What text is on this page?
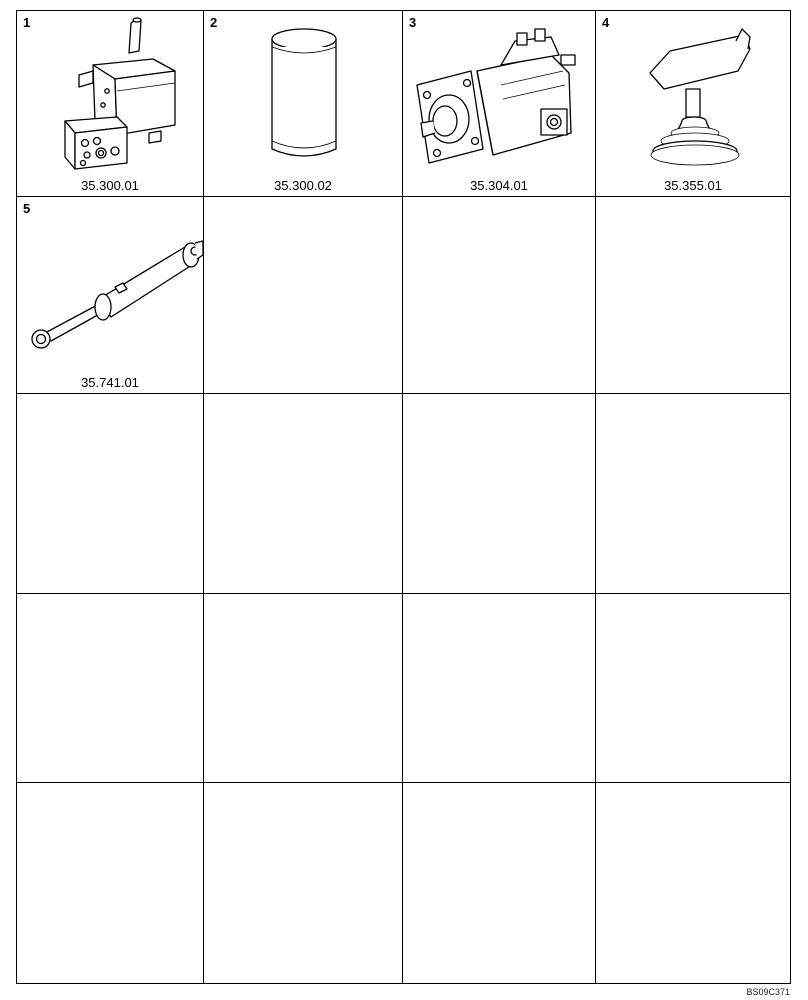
1
35.300.01
2
35.300.02
3
35.304.01
4
35.355.01
5
35.741.01
BS09C371
